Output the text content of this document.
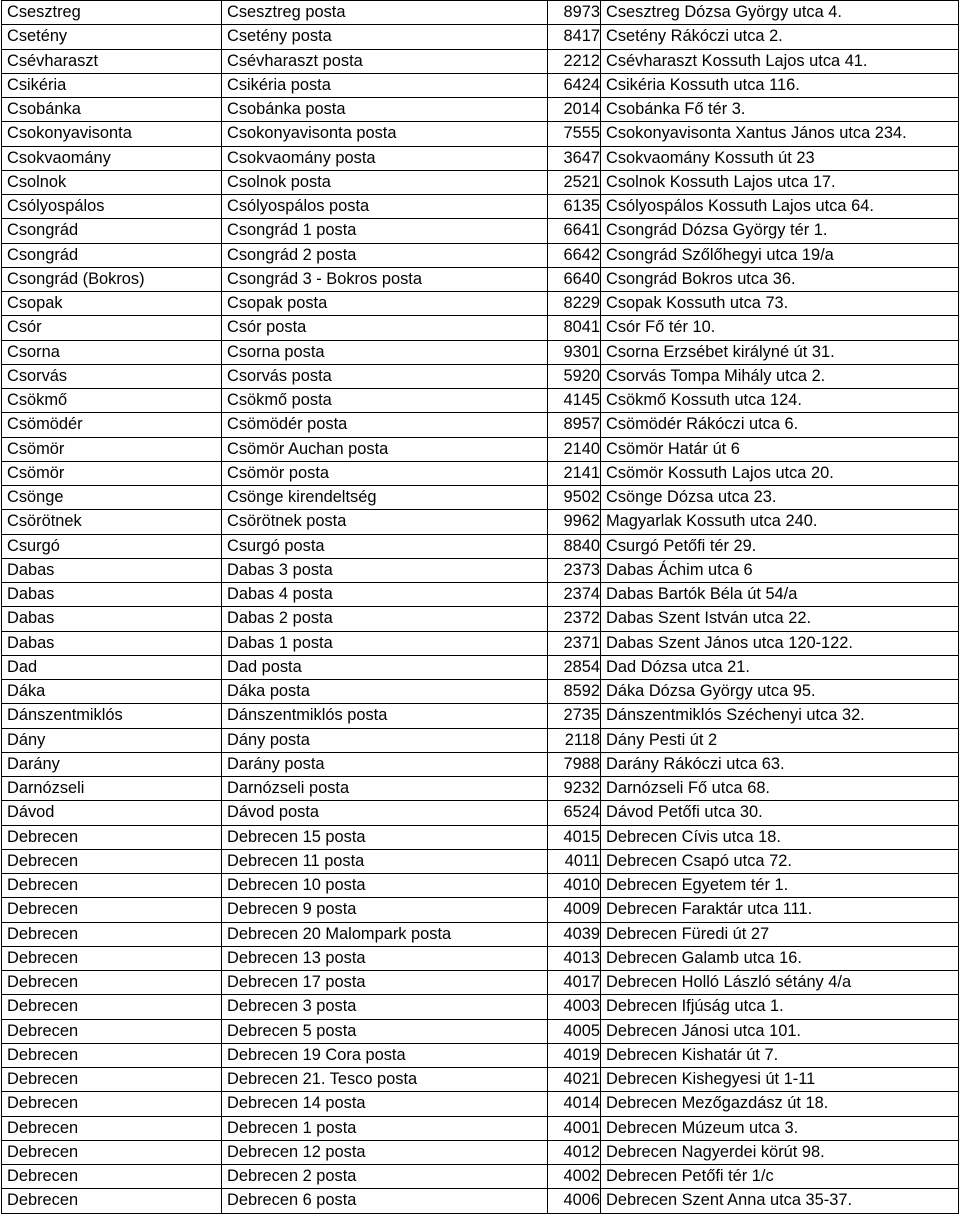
Csesztreg	Csesztreg posta	8973	Csesztreg Dózsa György utca 4.
Csetény	Csetény posta	8417	Csetény Rákóczi utca 2.
Csévharaszt	Csévharaszt posta	2212	Csévharaszt Kossuth Lajos utca 41.
Csikéria	Csikéria posta	6424	Csikéria Kossuth utca 116.
Csobánka	Csobánka posta	2014	Csobánka Fő tér 3.
Csokonyavisonta	Csokonyavisonta posta	7555	Csokonyavisonta Xantus János utca 234.
Csokvaomány	Csokvaomány posta	3647	Csokvaomány Kossuth út 23
Csolnok	Csolnok posta	2521	Csolnok Kossuth Lajos utca 17.
Csólyospálos	Csólyospálos posta	6135	Csólyospálos Kossuth Lajos utca 64.
Csongrád	Csongrád 1 posta	6641	Csongrád Dózsa György tér 1.
Csongrád	Csongrád 2 posta	6642	Csongrád Szőlőhegyi utca 19/a
Csongrád (Bokros)	Csongrád 3 - Bokros posta	6640	Csongrád Bokros utca 36.
Csopak	Csopak posta	8229	Csopak Kossuth utca 73.
Csór	Csór posta	8041	Csór Fő tér 10.
Csorna	Csorna posta	9301	Csorna Erzsébet királyné út 31.
Csorvás	Csorvás posta	5920	Csorvás Tompa Mihály utca 2.
Csökmő	Csökmő posta	4145	Csökmő Kossuth utca 124.
Csömödér	Csömödér posta	8957	Csömödér Rákóczi utca 6.
Csömör	Csömör Auchan posta	2140	Csömör Határ út 6
Csömör	Csömör posta	2141	Csömör Kossuth Lajos utca 20.
Csönge	Csönge kirendeltség	9502	Csönge Dózsa utca 23.
Csörötnek	Csörötnek posta	9962	Magyarlak Kossuth utca 240.
Csurgó	Csurgó posta	8840	Csurgó Petőfi tér 29.
Dabas	Dabas 3 posta	2373	Dabas Áchim utca 6
Dabas	Dabas 4 posta	2374	Dabas Bartók Béla út 54/a
Dabas	Dabas 2 posta	2372	Dabas Szent István utca 22.
Dabas	Dabas 1 posta	2371	Dabas Szent János utca 120-122.
Dad	Dad posta	2854	Dad Dózsa utca 21.
Dáka	Dáka posta	8592	Dáka Dózsa György utca 95.
Dánszentmiklós	Dánszentmiklós posta	2735	Dánszentmiklós Széchenyi utca 32.
Dány	Dány posta	2118	Dány Pesti út 2
Darány	Darány posta	7988	Darány Rákóczi utca 63.
Darnózseli	Darnózseli posta	9232	Darnózseli Fő utca 68.
Dávod	Dávod posta	6524	Dávod Petőfi utca 30.
Debrecen	Debrecen 15 posta	4015	Debrecen Cívis utca 18.
Debrecen	Debrecen 11 posta	4011	Debrecen Csapó utca 72.
Debrecen	Debrecen 10 posta	4010	Debrecen Egyetem tér 1.
Debrecen	Debrecen 9 posta	4009	Debrecen Faraktár utca 111.
Debrecen	Debrecen 20 Malompark posta	4039	Debrecen Füredi út 27
Debrecen	Debrecen 13 posta	4013	Debrecen Galamb utca 16.
Debrecen	Debrecen 17 posta	4017	Debrecen Holló László sétány 4/a
Debrecen	Debrecen 3 posta	4003	Debrecen Ifjúság utca 1.
Debrecen	Debrecen 5 posta	4005	Debrecen Jánosi utca 101.
Debrecen	Debrecen 19 Cora posta	4019	Debrecen Kishatár út 7.
Debrecen	Debrecen 21. Tesco posta	4021	Debrecen Kishegyesi út 1-11
Debrecen	Debrecen 14 posta	4014	Debrecen Mezőgazdász út 18.
Debrecen	Debrecen 1 posta	4001	Debrecen Múzeum utca 3.
Debrecen	Debrecen 12 posta	4012	Debrecen Nagyerdei körút 98.
Debrecen	Debrecen 2 posta	4002	Debrecen Petőfi tér 1/c
Debrecen	Debrecen 6 posta	4006	Debrecen Szent Anna utca 35-37.
